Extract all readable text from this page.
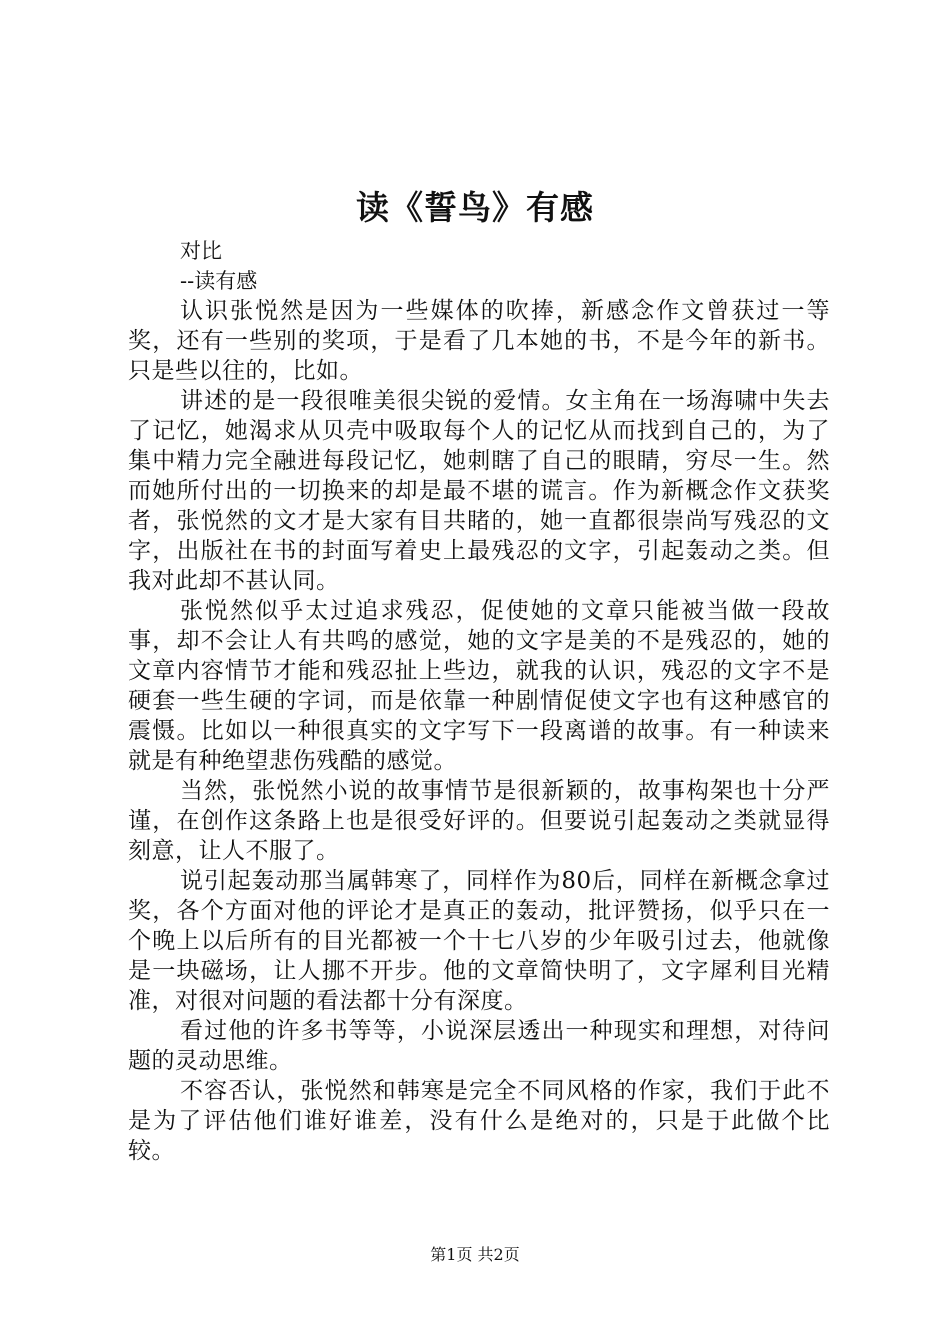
读《誓鸟》有感
对比
--读有感

认识张悦然是因为一些媒体的吹捧，新感念作文曾获过一等奖，还有一些别的奖项，于是看了几本她的书，不是今年的新书。只是些以往的，比如。

讲述的是一段很唯美很尖锐的爱情。女主角在一场海啸中失去了记忆，她渴求从贝壳中吸取每个人的记忆从而找到自己的，为了集中精力完全融进每段记忆，她刺瞎了自己的眼睛，穷尽一生。然而她所付出的一切换来的却是最不堪的谎言。作为新概念作文获奖者，张悦然的文才是大家有目共睹的，她一直都很崇尚写残忍的文字，出版社在书的封面写着史上最残忍的文字，引起轰动之类。但我对此却不甚认同。

张悦然似乎太过追求残忍，促使她的文章只能被当做一段故事，却不会让人有共鸣的感觉，她的文字是美的不是残忍的，她的文章内容情节才能和残忍扯上些边，就我的认识，残忍的文字不是硬套一些生硬的字词，而是依靠一种剧情促使文字也有这种感官的震慑。比如以一种很真实的文字写下一段离谱的故事。有一种读来就是有种绝望悲伤残酷的感觉。

当然，张悦然小说的故事情节是很新颖的，故事构架也十分严谨，在创作这条路上也是很受好评的。但要说引起轰动之类就显得刻意，让人不服了。

说引起轰动那当属韩寒了，同样作为80后，同样在新概念拿过奖，各个方面对他的评论才是真正的轰动，批评赞扬，似乎只在一个晚上以后所有的目光都被一个十七八岁的少年吸引过去，他就像是一块磁场，让人挪不开步。他的文章简快明了，文字犀利目光精准，对很对问题的看法都十分有深度。

看过他的许多书等等，小说深层透出一种现实和理想，对待问题的灵动思维。

不容否认，张悦然和韩寒是完全不同风格的作家，我们于此不是为了评估他们谁好谁差，没有什么是绝对的，只是于此做个比较。

第1页 共2页
